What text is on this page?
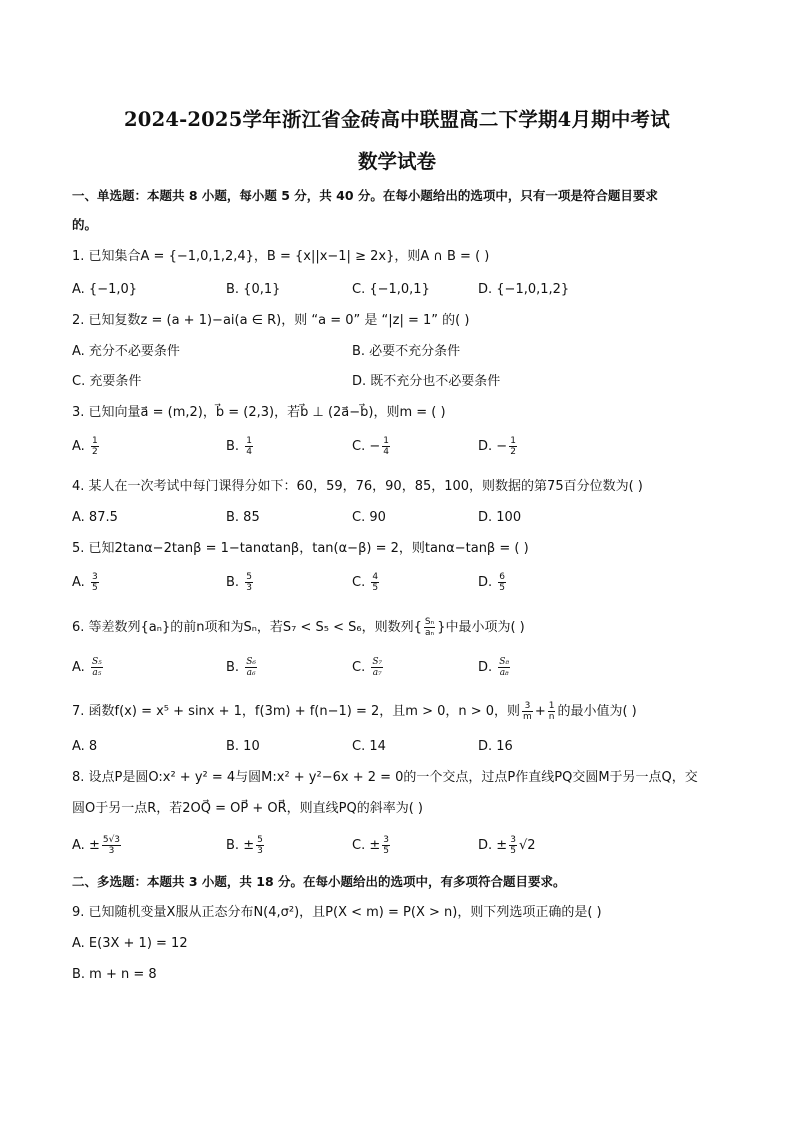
2024-2025学年浙江省金砖高中联盟高二下学期4月期中考试
数学试卷
一、单选题：本题共 8 小题，每小题 5 分，共 40 分。在每小题给出的选项中，只有一项是符合题目要求
的。
1. 已知集合A = {−1,0,1,2,4}，B = {x||x−1| ≥ 2x}，则A ∩ B = ( )
A. {−1,0}	B. {0,1}	C. {−1,0,1}	D. {−1,0,1,2}
2. 已知复数z = (a + 1)−ai(a ∈ R)，则 “a = 0” 是 “|z| = 1” 的( )
A. 充分不必要条件	B. 必要不充分条件
C. 充要条件	D. 既不充分也不必要条件
3. 已知向量a⃗ = (m,2)，b⃗ = (2,3)，若b⃗ ⊥ (2a⃗−b⃗)，则m = ( )
A. $\frac{1}{2}$	B. $\frac{1}{4}$	C. − $\frac{1}{4}$	D. − $\frac{1}{2}$
4. 某人在一次考试中每门课得分如下：60，59，76，90，85，100，则数据的第75百分位数为( )
A. 87.5	B. 85	C. 90	D. 100
5. 已知2tanα−2tanβ = 1−tanαtanβ，tan(α−β) = 2，则tanα−tanβ = ( )
A. $\frac{3}{5}$	B. $\frac{5}{3}$	C. $\frac{4}{5}$	D. $\frac{6}{5}$
6. 等差数列{aₙ}的前n项和为Sₙ，若S₇ < S₅ < S₆，则数列{ $\frac{\text{Sₙ}}{\text{aₙ}}$ }中最小项为( )
A. $\frac{\text{S₅}}{\text{a₅}}$	B. $\frac{\text{S₆}}{\text{a₆}}$	C. $\frac{\text{S₇}}{\text{a₇}}$	D. $\frac{\text{S₈}}{\text{a₈}}$
7. 函数f(x) = x⁵ + sinx + 1，f(3m) + f(n−1) = 2，且m > 0，n > 0，则 $\frac{3}{m} + \frac{1}{n}$ 的最小值为( )
A. 8	B. 10	C. 14	D. 16
8. 设点P是圆O:x² + y² = 4与圆M:x² + y²−6x + 2 = 0的一个交点，过点P作直线PQ交圆M于另一点Q，交
圆O于另一点R，若2OQ⃗ = OP⃗ + OR⃗，则直线PQ的斜率为( )
A. ± $\frac{5√3}{3}$	B. ± $\frac{5}{3}$	C. ± $\frac{3}{5}$	D. ± $\frac{3}{5} √2$
二、多选题：本题共 3 小题，共 18 分。在每小题给出的选项中，有多项符合题目要求。
9. 已知随机变量X服从正态分布N(4,σ²)，且P(X < m) = P(X > n)，则下列选项正确的是( )
A. E(3X + 1) = 12
B. m + n = 8
